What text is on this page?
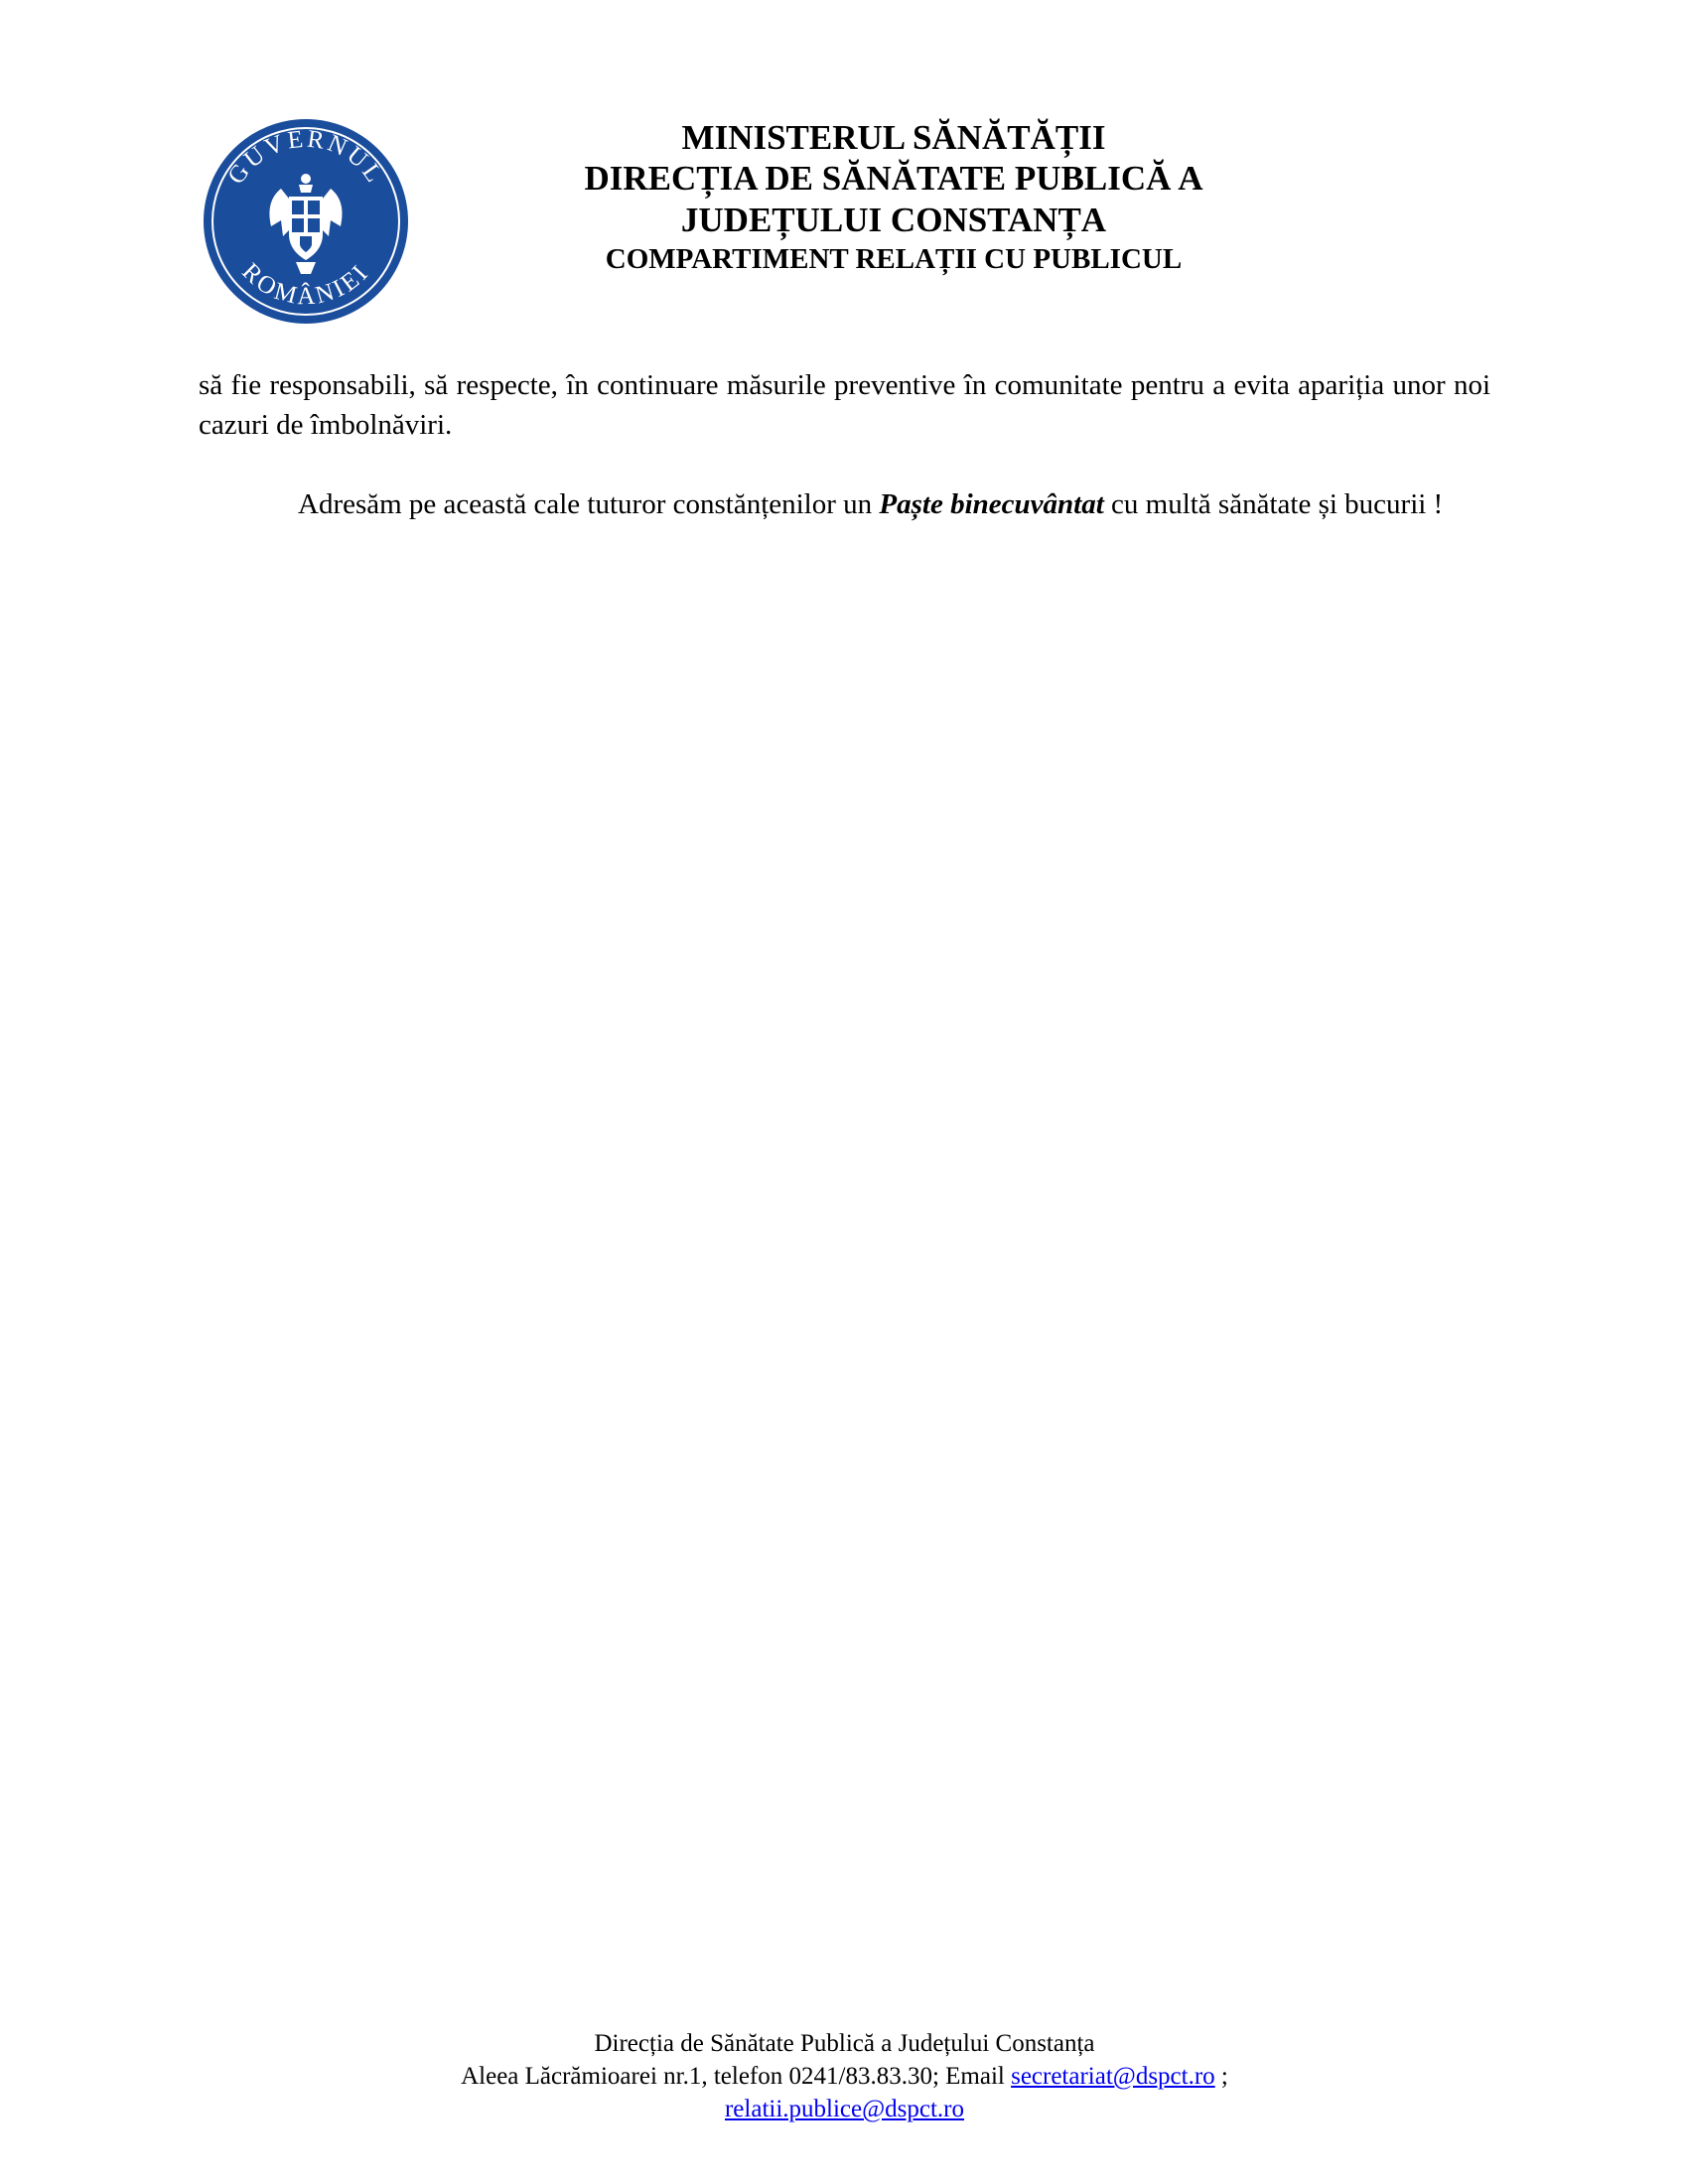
GUVERNUL
ROMÂNIEI
MINISTERUL SĂNĂTĂȚII
DIRECȚIA DE SĂNĂTATE PUBLICĂ A
JUDEȚULUI CONSTANȚA
COMPARTIMENT RELAȚII CU PUBLICUL

să fie responsabili, să respecte, în continuare măsurile preventive în comunitate pentru a evita apariția unor noi cazuri de îmbolnăviri.

Adresăm pe această cale tuturor constănțenilor un Paște binecuvântat cu multă sănătate și bucurii !

Direcția de Sănătate Publică a Județului Constanța
Aleea Lăcrămioarei nr.1, telefon 0241/83.83.30; Email secretariat@dspct.ro ;
relatii.publice@dspct.ro
